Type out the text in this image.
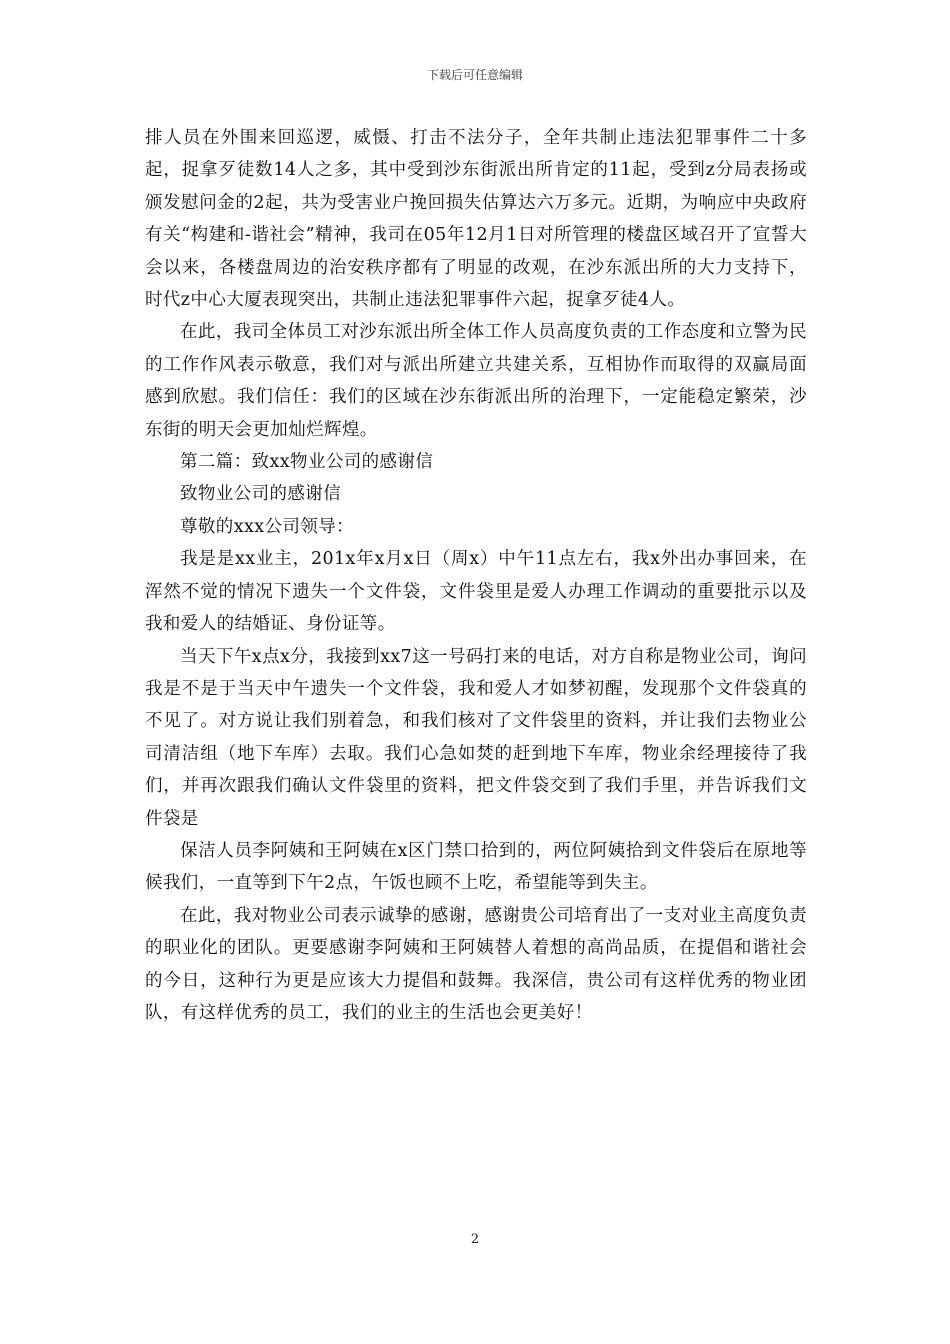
下载后可任意编辑

排人员在外围来回巡逻，威慑、打击不法分子，全年共制止违法犯罪事件二十多起，捉拿歹徒数14人之多，其中受到沙东街派出所肯定的11起，受到z分局表扬或颁发慰问金的2起，共为受害业户挽回损失估算达六万多元。近期，为响应中央政府有关“构建和-谐社会”精神，我司在05年12月1日对所管理的楼盘区域召开了宣誓大会以来，各楼盘周边的治安秩序都有了明显的改观，在沙东派出所的大力支持下，时代z中心大厦表现突出，共制止违法犯罪事件六起，捉拿歹徒4人。

在此，我司全体员工对沙东派出所全体工作人员高度负责的工作态度和立警为民的工作作风表示敬意，我们对与派出所建立共建关系，互相协作而取得的双赢局面感到欣慰。我们信任：我们的区域在沙东街派出所的治理下，一定能稳定繁荣，沙东街的明天会更加灿烂辉煌。

第二篇：致xx物业公司的感谢信

致物业公司的感谢信

尊敬的xxx公司领导：

我是是xx业主，201x年x月x日（周x）中午11点左右，我x外出办事回来，在浑然不觉的情况下遗失一个文件袋，文件袋里是爱人办理工作调动的重要批示以及我和爱人的结婚证、身份证等。

当天下午x点x分，我接到xx7这一号码打来的电话，对方自称是物业公司，询问我是不是于当天中午遗失一个文件袋，我和爱人才如梦初醒，发现那个文件袋真的不见了。对方说让我们别着急，和我们核对了文件袋里的资料，并让我们去物业公司清洁组（地下车库）去取。我们心急如焚的赶到地下车库，物业余经理接待了我们，并再次跟我们确认文件袋里的资料，把文件袋交到了我们手里，并告诉我们文件袋是

保洁人员李阿姨和王阿姨在x区门禁口拾到的，两位阿姨拾到文件袋后在原地等候我们，一直等到下午2点，午饭也顾不上吃，希望能等到失主。

在此，我对物业公司表示诚挚的感谢，感谢贵公司培育出了一支对业主高度负责的职业化的团队。更要感谢李阿姨和王阿姨替人着想的高尚品质，在提倡和谐社会的今日，这种行为更是应该大力提倡和鼓舞。我深信，贵公司有这样优秀的物业团队，有这样优秀的员工，我们的业主的生活也会更美好！

2
